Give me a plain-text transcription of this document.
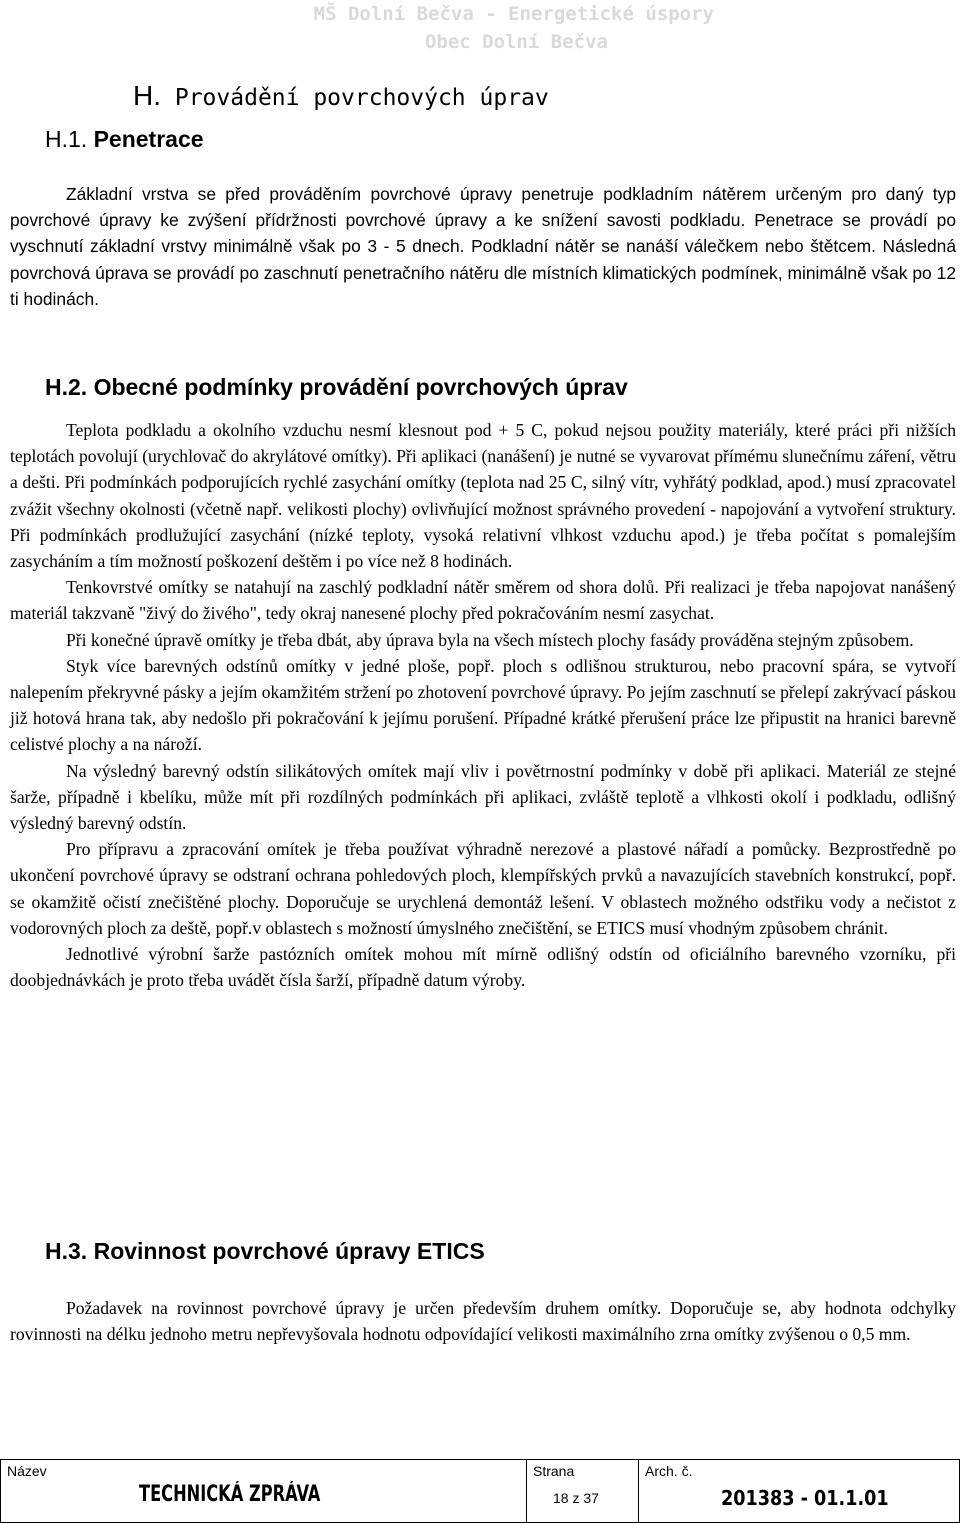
MŠ Dolní Bečva - Energetické úspory
Obec Dolní Bečva
H. Provádění povrchových úprav
H.1. Penetrace

Základní vrstva se před prováděním povrchové úpravy penetruje podkladním nátěrem určeným pro daný typ povrchové úpravy ke zvýšení přídržnosti povrchové úpravy a ke snížení savosti podkladu. Penetrace se provádí po vyschnutí základní vrstvy minimálně však po 3 - 5 dnech. Podkladní nátěr se nanáší válečkem nebo štětcem. Následná povrchová úprava se provádí po zaschnutí penetračního nátěru dle místních klimatických podmínek, minimálně však po 12 ti hodinách.

H.2. Obecné podmínky provádění povrchových úprav

Teplota podkladu a okolního vzduchu nesmí klesnout pod + 5 C, pokud nejsou použity materiály, které práci při nižších teplotách povolují (urychlovač do akrylátové omítky). Při aplikaci (nanášení) je nutné se vyvarovat přímému slunečnímu záření, větru a dešti. Při podmínkách podporujících rychlé zasychání omítky (teplota nad 25 C, silný vítr, vyhřátý podklad, apod.) musí zpracovatel zvážit všechny okolnosti (včetně např. velikosti plochy) ovlivňující možnost správného provedení - napojování a vytvoření struktury. Při podmínkách prodlužující zasychání (nízké teploty, vysoká relativní vlhkost vzduchu apod.) je třeba počítat s pomalejším zasycháním a tím možností poškození deštěm i po více než 8 hodinách.

Tenkovrstvé omítky se natahují na zaschlý podkladní nátěr směrem od shora dolů. Při realizaci je třeba napojovat nanášený materiál takzvaně "živý do živého", tedy okraj nanesené plochy před pokračováním nesmí zasychat.

Při konečné úpravě omítky je třeba dbát, aby úprava byla na všech místech plochy fasády prováděna stejným způsobem.

Styk více barevných odstínů omítky v jedné ploše, popř. ploch s odlišnou strukturou, nebo pracovní spára, se vytvoří nalepením překryvné pásky a jejím okamžitém stržení po zhotovení povrchové úpravy. Po jejím zaschnutí se přelepí zakrývací páskou již hotová hrana tak, aby nedošlo při pokračování k jejímu porušení. Případné krátké přerušení práce lze připustit na hranici barevně celistvé plochy a na nároží.

Na výsledný barevný odstín silikátových omítek mají vliv i povětrnostní podmínky v době při aplikaci. Materiál ze stejné šarže, případně i kbelíku, může mít při rozdílných podmínkách při aplikaci, zvláště teplotě a vlhkosti okolí i podkladu, odlišný výsledný barevný odstín.

Pro přípravu a zpracování omítek je třeba používat výhradně nerezové a plastové nářadí a pomůcky. Bezprostředně po ukončení povrchové úpravy se odstraní ochrana pohledových ploch, klempířských prvků a navazujících stavebních konstrukcí, popř. se okamžitě očistí znečištěné plochy. Doporučuje se urychlená demontáž lešení. V oblastech možného odstřiku vody a nečistot z vodorovných ploch za deště, popř.v oblastech s možností úmyslného znečištění, se ETICS musí vhodným způsobem chránit.

Jednotlivé výrobní šarže pastózních omítek mohou mít mírně odlišný odstín od oficiálního barevného vzorníku, při doobjednávkách je proto třeba uvádět čísla šarží, případně datum výroby.

H.3. Rovinnost povrchové úpravy ETICS

Požadavek na rovinnost povrchové úpravy je určen především druhem omítky. Doporučuje se, aby hodnota odchylky rovinnosti na délku jednoho metru nepřevyšovala hodnotu odpovídající velikosti maximálního zrna omítky zvýšenou o 0,5 mm.

Název
TECHNICKÁ ZPRÁVA
Strana
18 z 37
Arch. č.
201383 - 01.1.01
